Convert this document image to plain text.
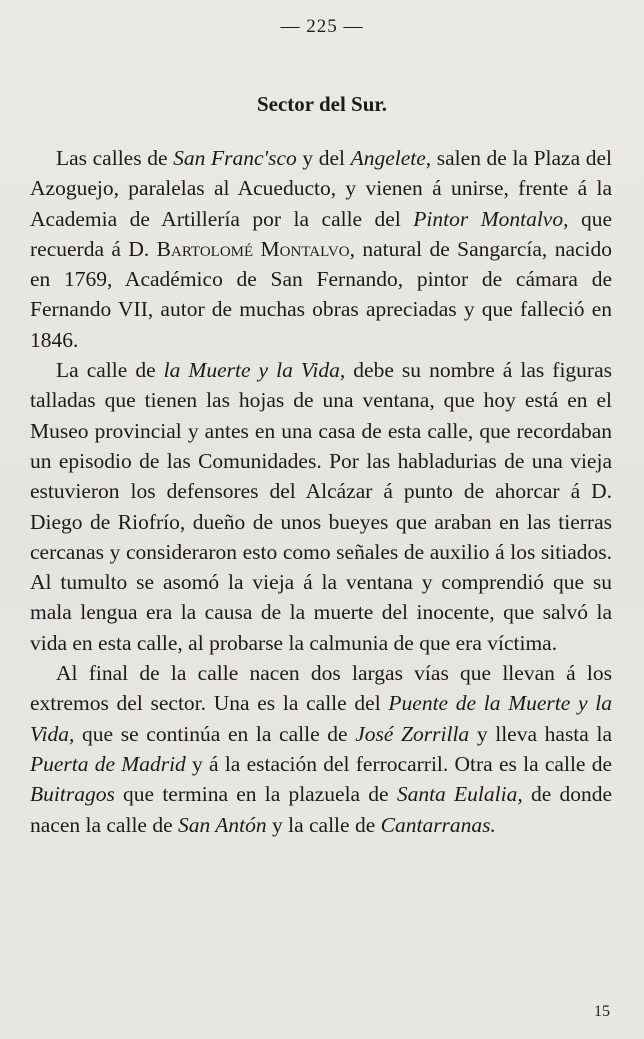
— 225 —
Sector del Sur.

Las calles de San Franc'sco y del Angelete, salen de la Plaza del Azoguejo, paralelas al Acueducto, y vienen á unirse, frente á la Academia de Artillería por la calle del Pintor Montalvo, que recuerda á D. Bartolomé Montalvo, natural de Sangarcía, nacido en 1769, Académico de San Fernando, pintor de cámara de Fernando VII, autor de muchas obras apreciadas y que falleció en 1846.

La calle de la Muerte y la Vida, debe su nombre á las figuras talladas que tienen las hojas de una ventana, que hoy está en el Museo provincial y antes en una casa de esta calle, que recordaban un episodio de las Comunidades. Por las habladurias de una vieja estuvieron los defensores del Alcázar á punto de ahorcar á D. Diego de Riofrío, dueño de unos bueyes que araban en las tierras cercanas y consideraron esto como señales de auxilio á los sitiados. Al tumulto se asomó la vieja á la ventana y comprendió que su mala lengua era la causa de la muerte del inocente, que salvó la vida en esta calle, al probarse la calmunia de que era víctima.

Al final de la calle nacen dos largas vías que llevan á los extremos del sector. Una es la calle del Puente de la Muerte y la Vida, que se continúa en la calle de José Zorrilla y lleva hasta la Puerta de Madrid y á la estación del ferrocarril. Otra es la calle de Buitragos que termina en la plazuela de Santa Eulalia, de donde nacen la calle de San Antón y la calle de Cantarranas.

15
